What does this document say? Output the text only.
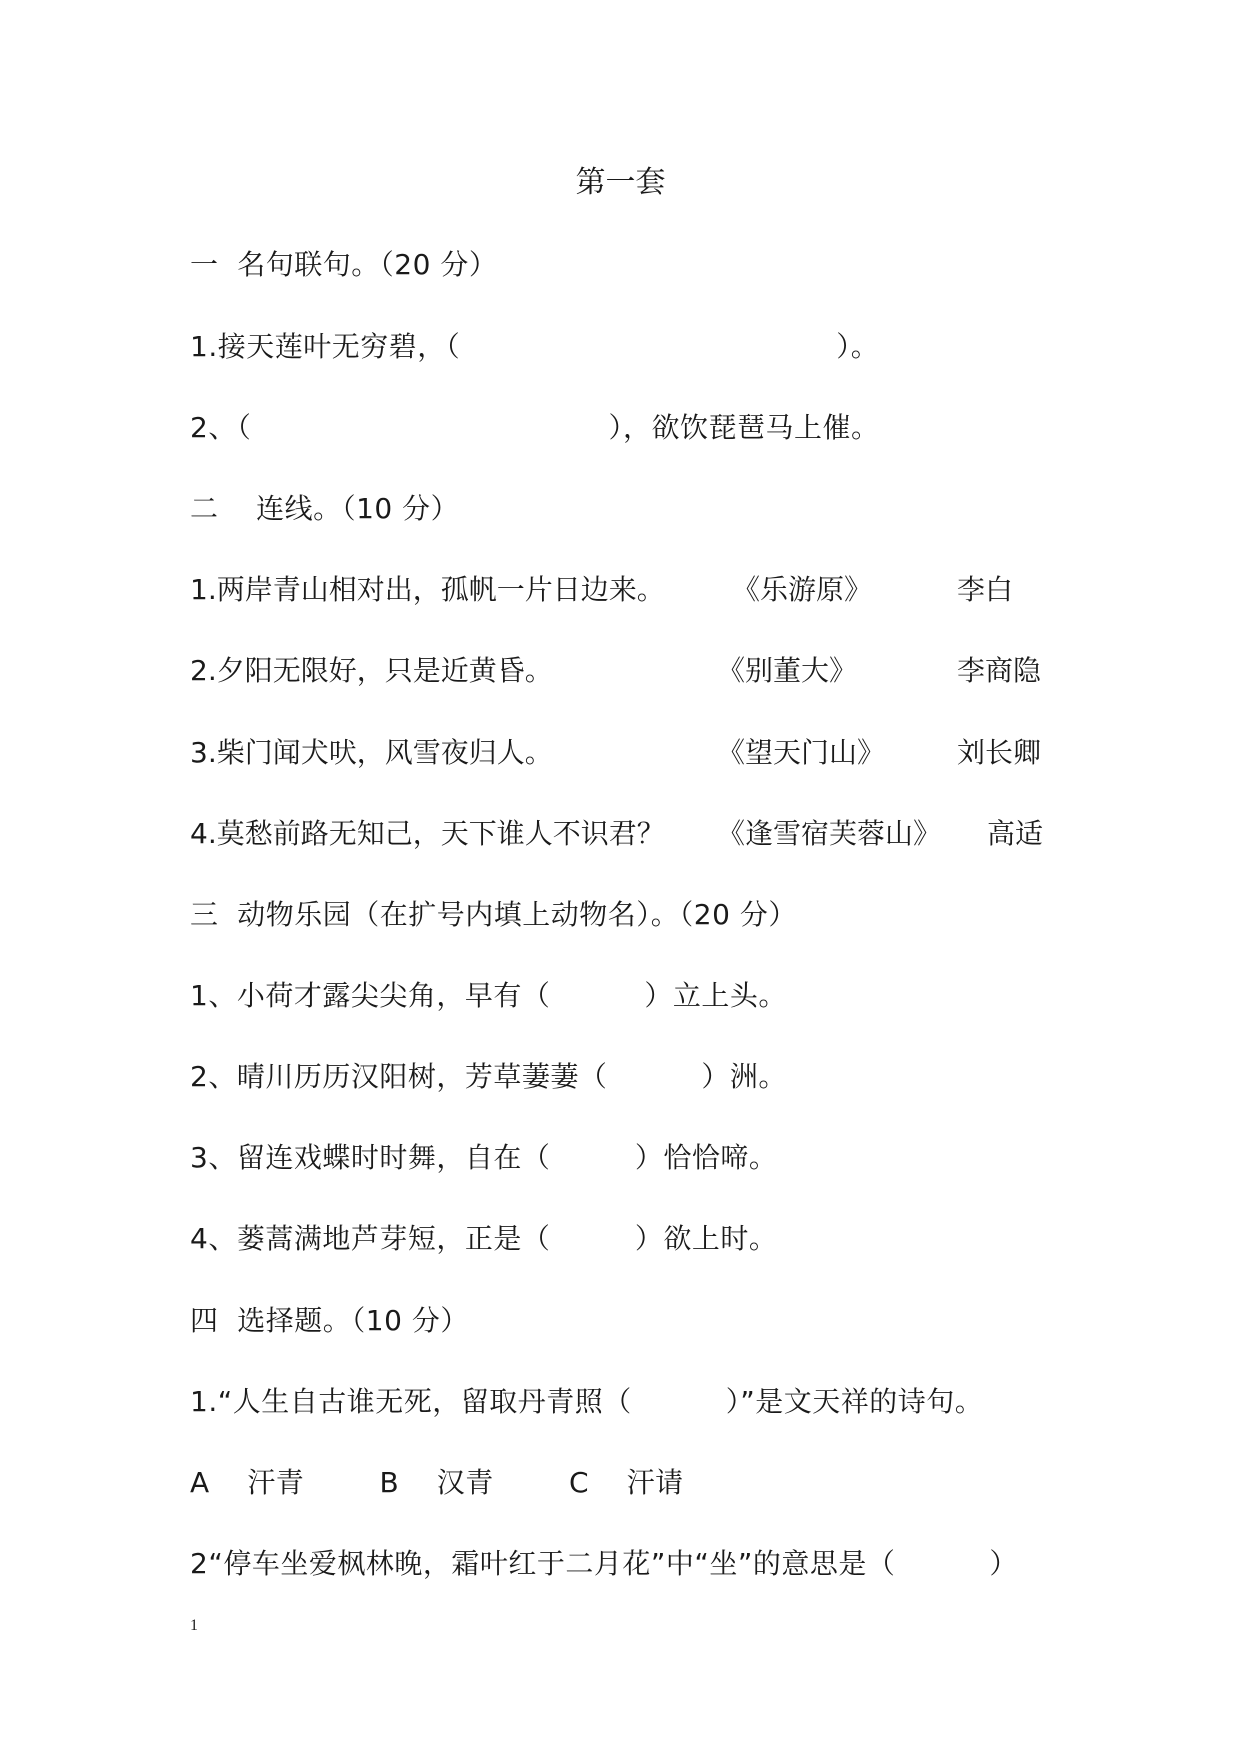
第一套
一  名句联句。（20 分）
1.接天莲叶无穷碧，（                                        ）。
2、（                                      ），欲饮琵琶马上催。
二    连线。（10 分）
1.两岸青山相对出，孤帆一片日边来。 《乐游原》	李白
2.夕阳无限好，只是近黄昏。	《别董大》	李商隐
3.柴门闻犬吠，风雪夜归人。	《望天门山》	刘长卿
4.莫愁前路无知己，天下谁人不识君？ 《逢雪宿芙蓉山》 高适
三  动物乐园（在扩号内填上动物名）。（20 分）
1、小荷才露尖尖角，早有（          ）立上头。
2、晴川历历汉阳树，芳草萋萋（          ）洲。
3、留连戏蝶时时舞，自在（         ）恰恰啼。
4、蒌蒿满地芦芽短，正是（         ）欲上时。
四  选择题。（10 分）
1.“人生自古谁无死，留取丹青照（          ）”是文天祥的诗句。
A    汗青        B    汉青        C    汗请
2“停车坐爱枫林晚，霜叶红于二月花”中“坐”的意思是（          ）
1
